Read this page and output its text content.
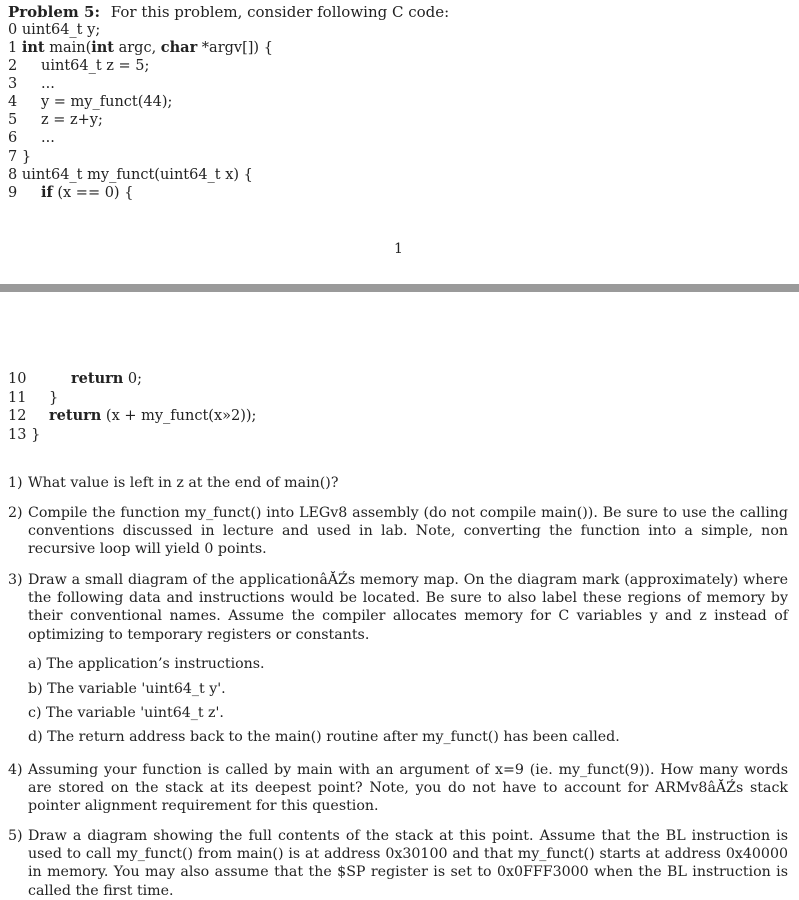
Problem 5: For this problem, consider following C code:
0 uint64_t y;
1 int main(int argc, char *argv[]) {
2 uint64_t z = 5;
3 ...
4 y = my_funct(44);
5 z = z+y;
6 ...
7 }
8 uint64_t my_funct(uint64_t x) {
9 if (x == 0) {
1
10	return 0;
11 }
12 return (x + my_funct(x»2));
13 }
1) What value is left in z at the end of main()?
2) Compile the function my_funct() into LEGv8 assembly (do not compile main()). Be sure to use the calling conventions discussed in lecture and used in lab. Note, converting the function into a simple, non recursive loop will yield 0 points.
3) Draw a small diagram of the applicationâĂŹs memory map. On the diagram mark (approximately) where the following data and instructions would be located. Be sure to also label these regions of memory by their conventional names. Assume the compiler allocates memory for C variables y and z instead of optimizing to temporary registers or constants.
a) The application’s instructions.
b) The variable 'uint64_t y'.
c) The variable 'uint64_t z'.
d) The return address back to the main() routine after my_funct() has been called.
4) Assuming your function is called by main with an argument of x=9 (ie. my_funct(9)). How many words are stored on the stack at its deepest point? Note, you do not have to account for ARMv8âĂŹs stack pointer alignment requirement for this question.
5) Draw a diagram showing the full contents of the stack at this point. Assume that the BL instruction is used to call my_funct() from main() is at address 0x30100 and that my_funct() starts at address 0x40000 in memory. You may also assume that the $SP register is set to 0x0FFF3000 when the BL instruction is called the first time.
